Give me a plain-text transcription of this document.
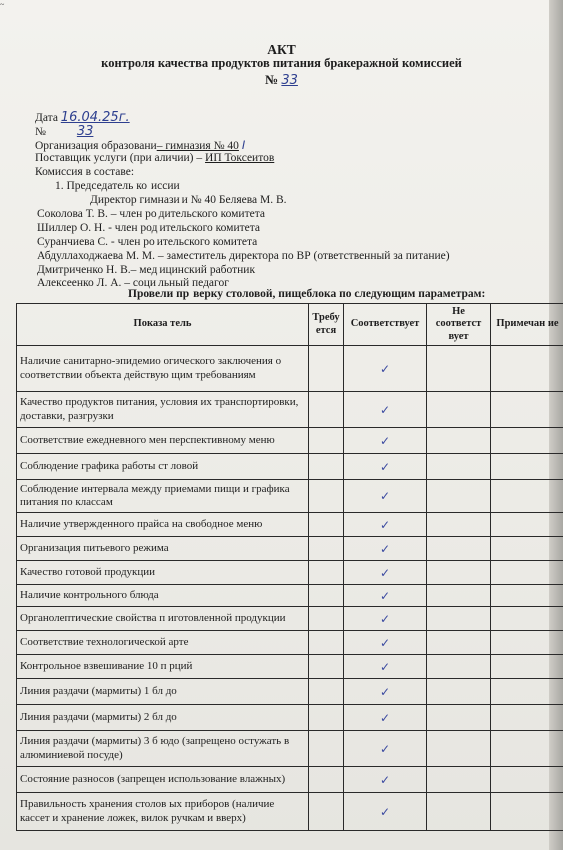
~
АКТ
контроля качества продуктов питания бракеражной комиссией
№ 33
Дата 16.04.25г.
№ 33
Организация образовани– гимназия № 40 I
Поставщик услуги (при аличии) – ИП Токсеитов
Комиссия в составе:
1. Председатель ко иссии
Директор гимнази и № 40 Беляева М. В.
Соколова Т. В. – член ро дительского комитета
Шиллер О. Н. - член род ительского комитета
Суранчиева С. - член ро ительского комитета
Абдуллаходжаева М. М. – заместитель директора по ВР (ответственный за питание)
Дмитриченко Н. В.– мед ицинский работник
Алексеенко Л. А. – соци льный педагог
Провели пр верку столовой, пищеблока по следующим параметрам:
Показа тель	Требу ется	Соответствует	Не соответст вует	Примечан ие
Наличие санитарно-эпидемио огического заключения о соответствии объекта действую щим требованиям		✓		
Качество продуктов питания, условия их транспортировки, доставки, разгрузки		✓		
Соответствие ежедневного мен перспективному меню		✓		
Соблюдение графика работы ст ловой		✓		
Соблюдение интервала между приемами пищи и графика питания по классам		✓		
Наличие утвержденного прайса на свободное меню		✓		
Организация питьевого режима		✓		
Качество готовой продукции		✓		
Наличие контрольного блюда		✓		
Органолептические свойства п иготовленной продукции		✓		
Соответствие технологической арте		✓		
Контрольное взвешивание 10 п рций		✓		
Линия раздачи (мармиты) 1 бл до		✓		
Линия раздачи (мармиты) 2 бл до		✓		
Линия раздачи (мармиты) 3 б юдо (запрещено остужать в алюминиевой посуде)		✓		
Состояние разносов (запрещен использование влажных)		✓		
Правильность хранения столов ых приборов (наличие кассет и хранение ложек, вилок ручкам и вверх)		✓		
